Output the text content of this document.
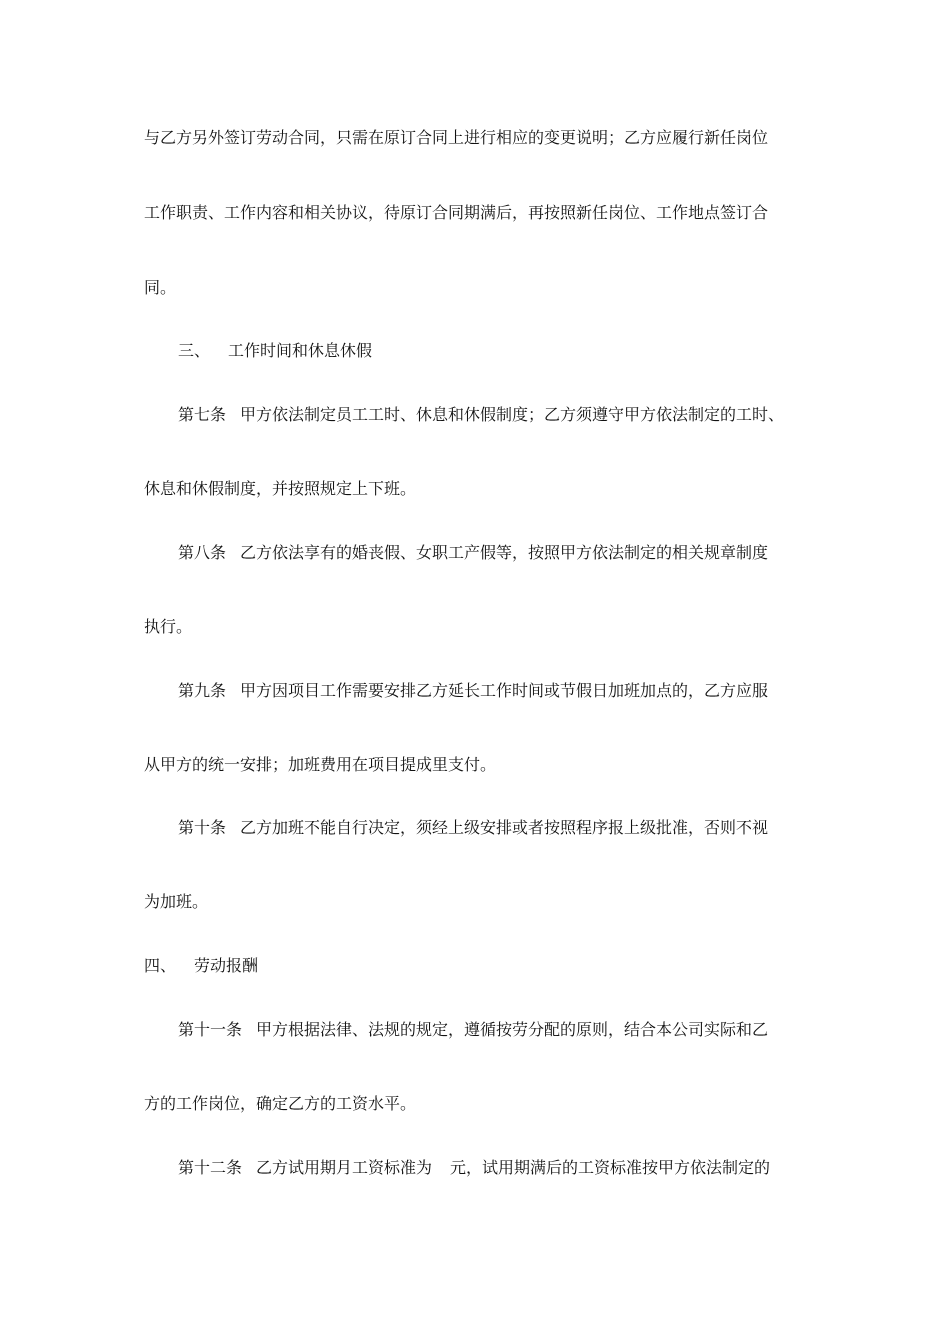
与乙方另外签订劳动合同，只需在原订合同上进行相应的变更说明；乙方应履行新任岗位
工作职责、工作内容和相关协议，待原订合同期满后，再按照新任岗位、工作地点签订合
同。
三、 工作时间和休息休假
第七条 甲方依法制定员工工时、休息和休假制度；乙方须遵守甲方依法制定的工时、
休息和休假制度，并按照规定上下班。
第八条 乙方依法享有的婚丧假、女职工产假等，按照甲方依法制定的相关规章制度
执行。
第九条 甲方因项目工作需要安排乙方延长工作时间或节假日加班加点的，乙方应服
从甲方的统一安排；加班费用在项目提成里支付。
第十条 乙方加班不能自行决定，须经上级安排或者按照程序报上级批准，否则不视
为加班。
四、 劳动报酬
第十一条 甲方根据法律、法规的规定，遵循按劳分配的原则，结合本公司实际和乙
方的工作岗位，确定乙方的工资水平。
第十二条 乙方试用期月工资标准为 元，试用期满后的工资标准按甲方依法制定的
